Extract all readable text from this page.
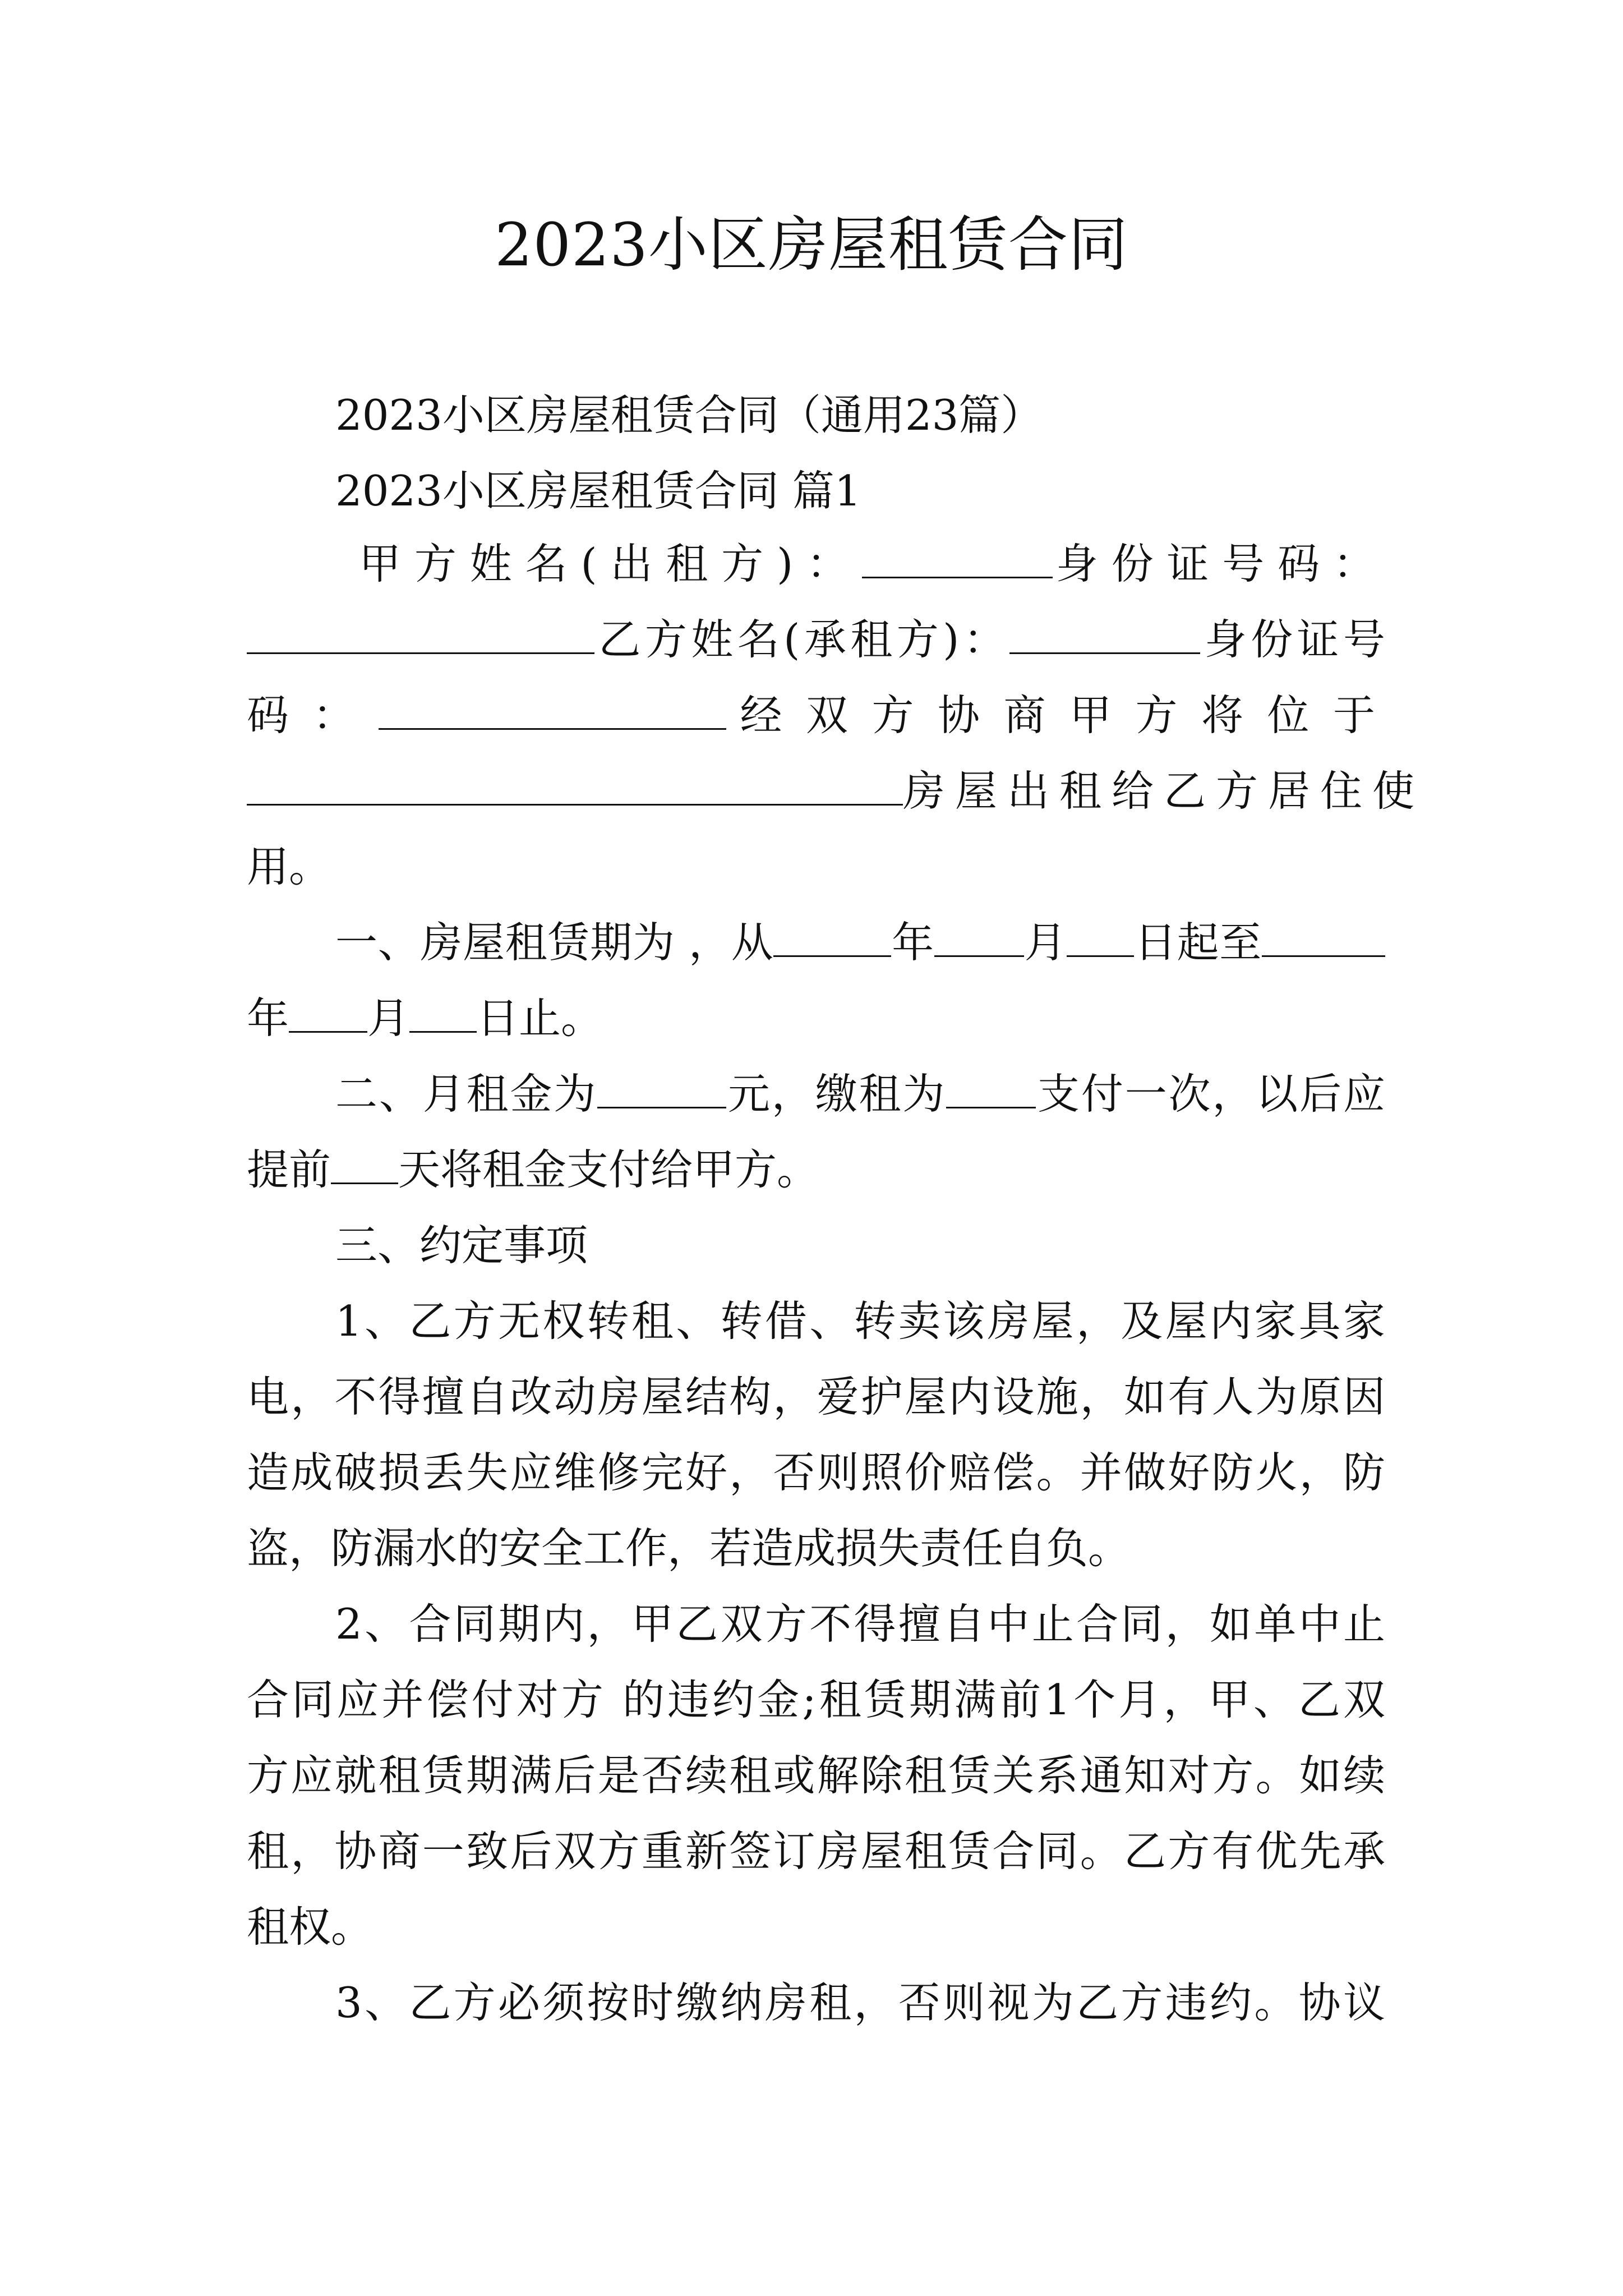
2023小区房屋租赁合同
2023小区房屋租赁合同（通用23篇）
2023小区房屋租赁合同 篇1
甲方姓名(出租方)：	身份证号码：
乙方姓名(承租方)：	身份证号
码：	经双方协商甲方将位于
房屋出租给乙方居住使
用。
一、房屋租赁期为 ，从	年 月 日起至
年 月 日止。
二、月租金为	元，缴租为 支付一次，以后应
提前 天将租金支付给甲方。
三、约定事项
1、乙方无权转租、转借、转卖该房屋，及屋内家具家
电，不得擅自改动房屋结构，爱护屋内设施，如有人为原因
造成破损丢失应维修完好，否则照价赔偿。并做好防火，防
盗，防漏水的安全工作，若造成损失责任自负。
2、合同期内，甲乙双方不得擅自中止合同，如单中止
合同应并偿付对方 的违约金;租赁期满前1个月，甲、乙双
方应就租赁期满后是否续租或解除租赁关系通知对方。如续
租，协商一致后双方重新签订房屋租赁合同。乙方有优先承
租权。
3、乙方必须按时缴纳房租，否则视为乙方违约。协议
